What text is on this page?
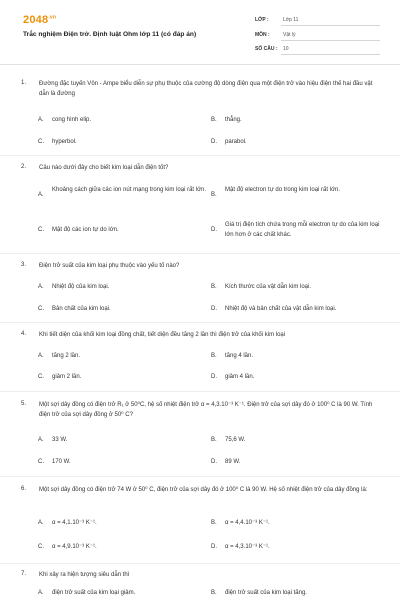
$2048^{.vn}$
Trắc nghiệm Điện trở. Định luật Ohm lớp 11 (có đáp án)
LỚP :	Lớp 11
MÔN :	Vật lý
SỐ CÂU : 10
1. Đường đặc tuyến Vôn - Ampe biểu diễn sự phụ thuộc của cường độ dòng điện qua một điện trở vào hiệu điện thế hai đầu vật dẫn là đường
A. cong hình elip.	B. thẳng.
C. hyperbol.	D. parabol.
2. Câu nào dưới đây cho biết kim loại dẫn điện tốt?
A.
Khoảng cách giữa các ion nút mạng trong kim loại rất lớn.
B.
Mật độ electron tự do trong kim loại rất lớn.
C. Mật độ các ion tự do lớn.	D.
Giá trị điện tích chứa trong mỗi electron tự do của kim loại lớn hơn ở các chất khác.
3. Điện trở suất của kim loại phụ thuộc vào yếu tố nào?
A. Nhiệt độ của kim loại.	B. Kích thước của vật dẫn kim loại.
C. Bản chất của kim loại.	D. Nhiệt độ và bản chất của vật dẫn kim loại.
4. Khi tiết diện của khối kim loại đồng chất, tiết diện đều tăng 2 lần thì điện trở của khối kim loại
A. tăng 2 lần.	B. tăng 4 lần.
C. giảm 2 lần.	D. giảm 4 lần.
5. Một sợi dây đồng có điện trở R₁ ở 50⁰C, hệ số nhiệt điện trở α = 4,3.10⁻³ K⁻¹. Điện trở của sợi dây đó ở 100⁰ C là 90 W. Tính điện trở của sợi dây đồng ở 50⁰ C?
A. 33 W.	B. 75,6 W.
C. 170 W.	D. 89 W.
6. Một sợi dây đồng có điện trở 74 W ở 50⁰ C, điện trở của sợi dây đó ở 100⁰ C là 90 W. Hệ số nhiệt điện trở của dây đồng là:
A. α = 4,1.10⁻³ K⁻¹.	B. α = 4,4.10⁻³ K⁻¹.
C. α = 4,9.10⁻³ K⁻¹.	D. α = 4,3.10⁻³ K⁻¹.
7. Khi xảy ra hiện tượng siêu dẫn thì
A. điện trở suất của kim loại giảm.	B. điện trở suất của kim loại tăng.
